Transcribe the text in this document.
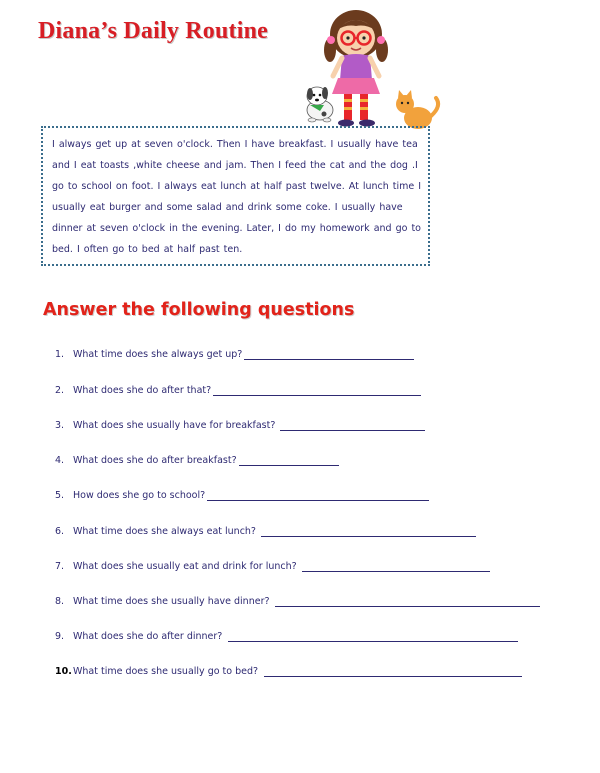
Diana’s Daily Routine

I always get up at seven o'clock. Then I have breakfast. I usually have tea and I eat toasts ,white cheese and jam. Then I feed the cat and the dog .I go to school on foot. I always eat lunch at half past twelve. At lunch time I usually eat burger and some salad and drink some coke. I usually have dinner at seven o'clock in the evening. Later, I do my homework and go to bed. I often go to bed at half past ten.

Answer the following questions
1. What time does she always get up?
2. What does she do after that?
3. What does she usually have for breakfast?
4. What does she do after breakfast?
5. How does she go to school?
6. What time does she always eat lunch?
7. What does she usually eat and drink for lunch?
8. What time does she usually have dinner?
9. What does she do after dinner?
10. What time does she usually go to bed?
